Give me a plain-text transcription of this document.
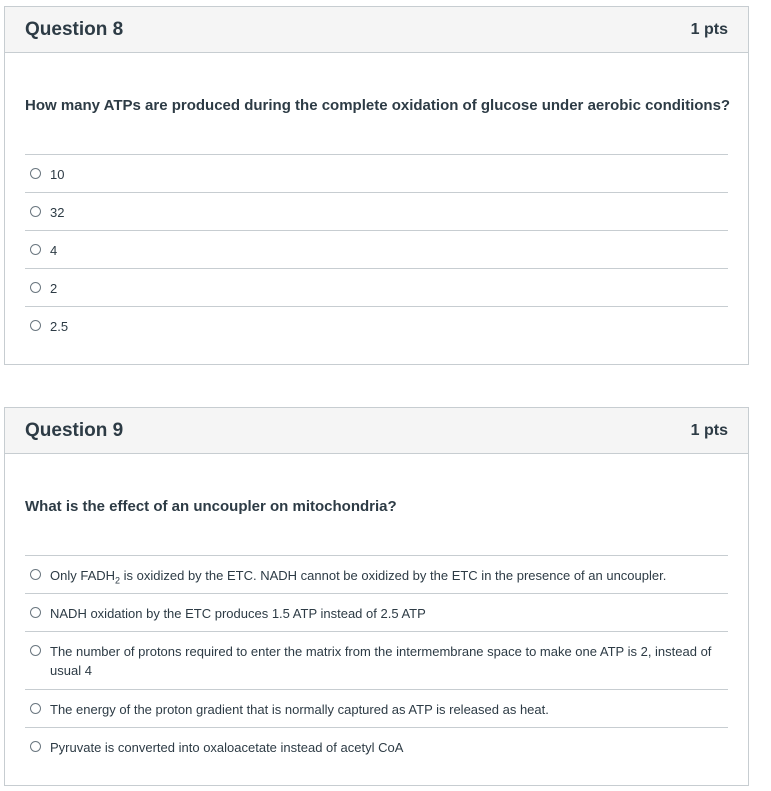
Question 8	1 pts
How many ATPs are produced during the complete oxidation of glucose under aerobic conditions?
10
32
4
2
2.5
Question 9	1 pts
What is the effect of an uncoupler on mitochondria?
Only $FADH_2$ is oxidized by the ETC. NADH cannot be oxidized by the ETC in the presence of an uncoupler.
NADH oxidation by the ETC produces 1.5 ATP instead of 2.5 ATP
The number of protons required to enter the matrix from the intermembrane space to make one ATP is 2, instead of usual 4
The energy of the proton gradient that is normally captured as ATP is released as heat.
Pyruvate is converted into oxaloacetate instead of acetyl CoA
